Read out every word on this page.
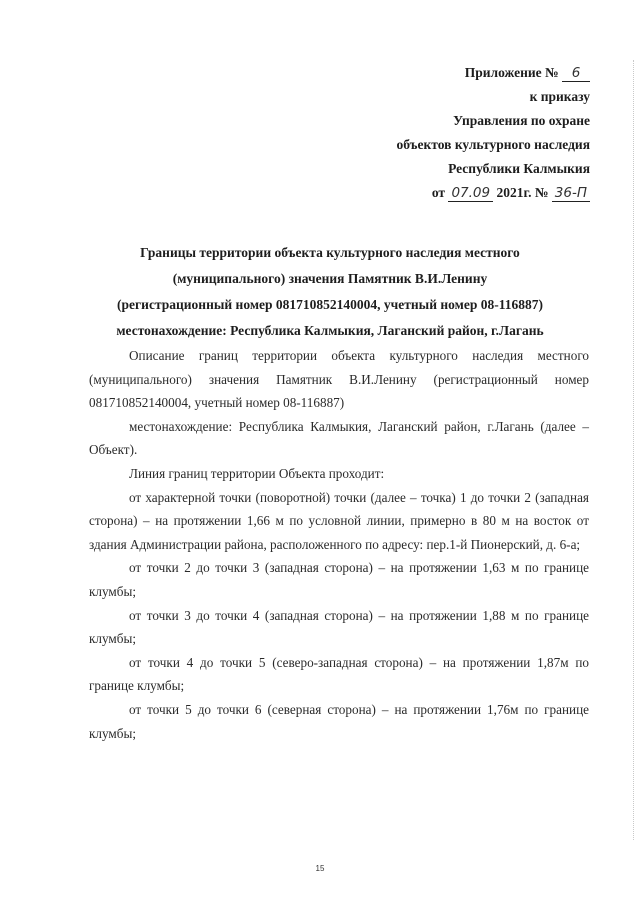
Приложение № 6
к приказу
Управления по охране
объектов культурного наследия
Республики Калмыкия
от 07.09 2021г. № 36-П
Границы территории объекта культурного наследия местного
(муниципального) значения Памятник В.И.Ленину
(регистрационный номер 081710852140004, учетный номер 08-116887)
местонахождение: Республика Калмыкия, Лаганский район, г.Лагань

Описание границ территории объекта культурного наследия местного (муниципального) значения Памятник В.И.Ленину (регистрационный номер 081710852140004, учетный номер 08-116887)

местонахождение: Республика Калмыкия, Лаганский район, г.Лагань (далее – Объект).

Линия границ территории Объекта проходит:

от характерной точки (поворотной) точки (далее – точка) 1 до точки 2 (западная сторона) – на протяжении 1,66 м по условной линии, примерно в 80 м на восток от здания Администрации района, расположенного по адресу: пер.1-й Пионерский, д. 6-а;

от точки 2 до точки 3 (западная сторона) – на протяжении 1,63 м по границе клумбы;

от точки 3 до точки 4 (западная сторона) – на протяжении 1,88 м по границе клумбы;

от точки 4 до точки 5 (северо-западная сторона) – на протяжении 1,87м по границе клумбы;

от точки 5 до точки 6 (северная сторона) – на протяжении 1,76м по границе клумбы;

15
